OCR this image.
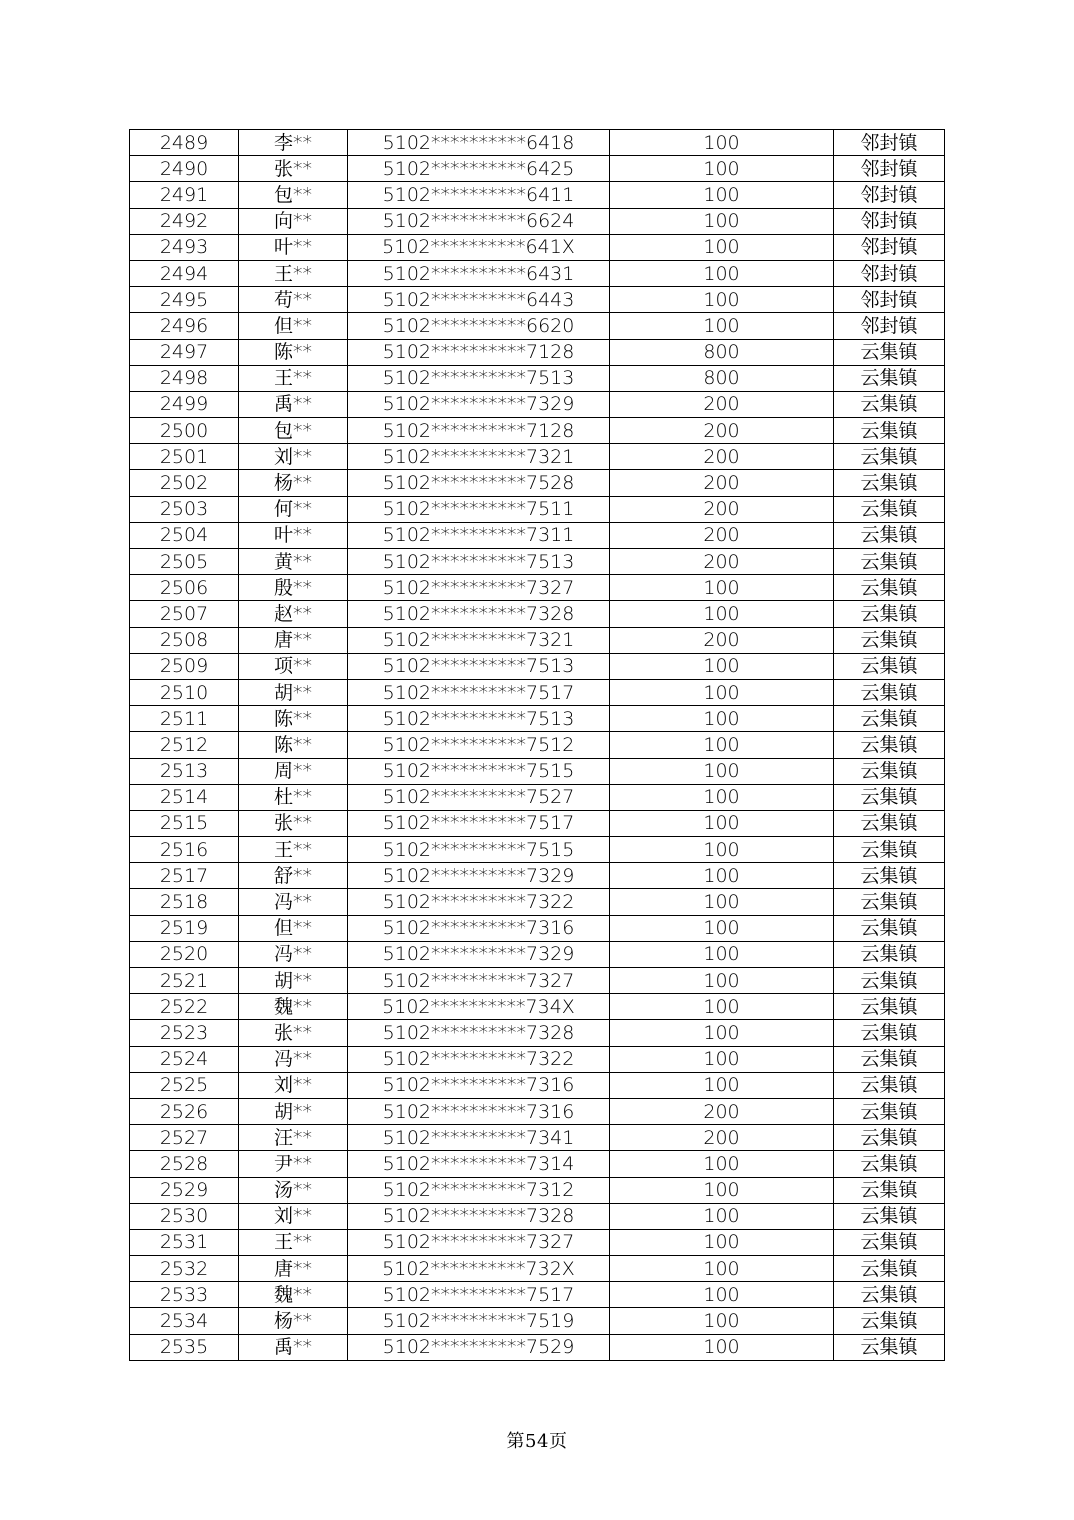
2489	李**	5102**********6418	100	邻封镇
2490	张**	5102**********6425	100	邻封镇
2491	包**	5102**********6411	100	邻封镇
2492	向**	5102**********6624	100	邻封镇
2493	叶**	5102**********641X	100	邻封镇
2494	王**	5102**********6431	100	邻封镇
2495	苟**	5102**********6443	100	邻封镇
2496	但**	5102**********6620	100	邻封镇
2497	陈**	5102**********7128	800	云集镇
2498	王**	5102**********7513	800	云集镇
2499	禹**	5102**********7329	200	云集镇
2500	包**	5102**********7128	200	云集镇
2501	刘**	5102**********7321	200	云集镇
2502	杨**	5102**********7528	200	云集镇
2503	何**	5102**********7511	200	云集镇
2504	叶**	5102**********7311	200	云集镇
2505	黄**	5102**********7513	200	云集镇
2506	殷**	5102**********7327	100	云集镇
2507	赵**	5102**********7328	100	云集镇
2508	唐**	5102**********7321	200	云集镇
2509	项**	5102**********7513	100	云集镇
2510	胡**	5102**********7517	100	云集镇
2511	陈**	5102**********7513	100	云集镇
2512	陈**	5102**********7512	100	云集镇
2513	周**	5102**********7515	100	云集镇
2514	杜**	5102**********7527	100	云集镇
2515	张**	5102**********7517	100	云集镇
2516	王**	5102**********7515	100	云集镇
2517	舒**	5102**********7329	100	云集镇
2518	冯**	5102**********7322	100	云集镇
2519	但**	5102**********7316	100	云集镇
2520	冯**	5102**********7329	100	云集镇
2521	胡**	5102**********7327	100	云集镇
2522	魏**	5102**********734X	100	云集镇
2523	张**	5102**********7328	100	云集镇
2524	冯**	5102**********7322	100	云集镇
2525	刘**	5102**********7316	100	云集镇
2526	胡**	5102**********7316	200	云集镇
2527	汪**	5102**********7341	200	云集镇
2528	尹**	5102**********7314	100	云集镇
2529	汤**	5102**********7312	100	云集镇
2530	刘**	5102**********7328	100	云集镇
2531	王**	5102**********7327	100	云集镇
2532	唐**	5102**********732X	100	云集镇
2533	魏**	5102**********7517	100	云集镇
2534	杨**	5102**********7519	100	云集镇
2535	禹**	5102**********7529	100	云集镇
第54页
